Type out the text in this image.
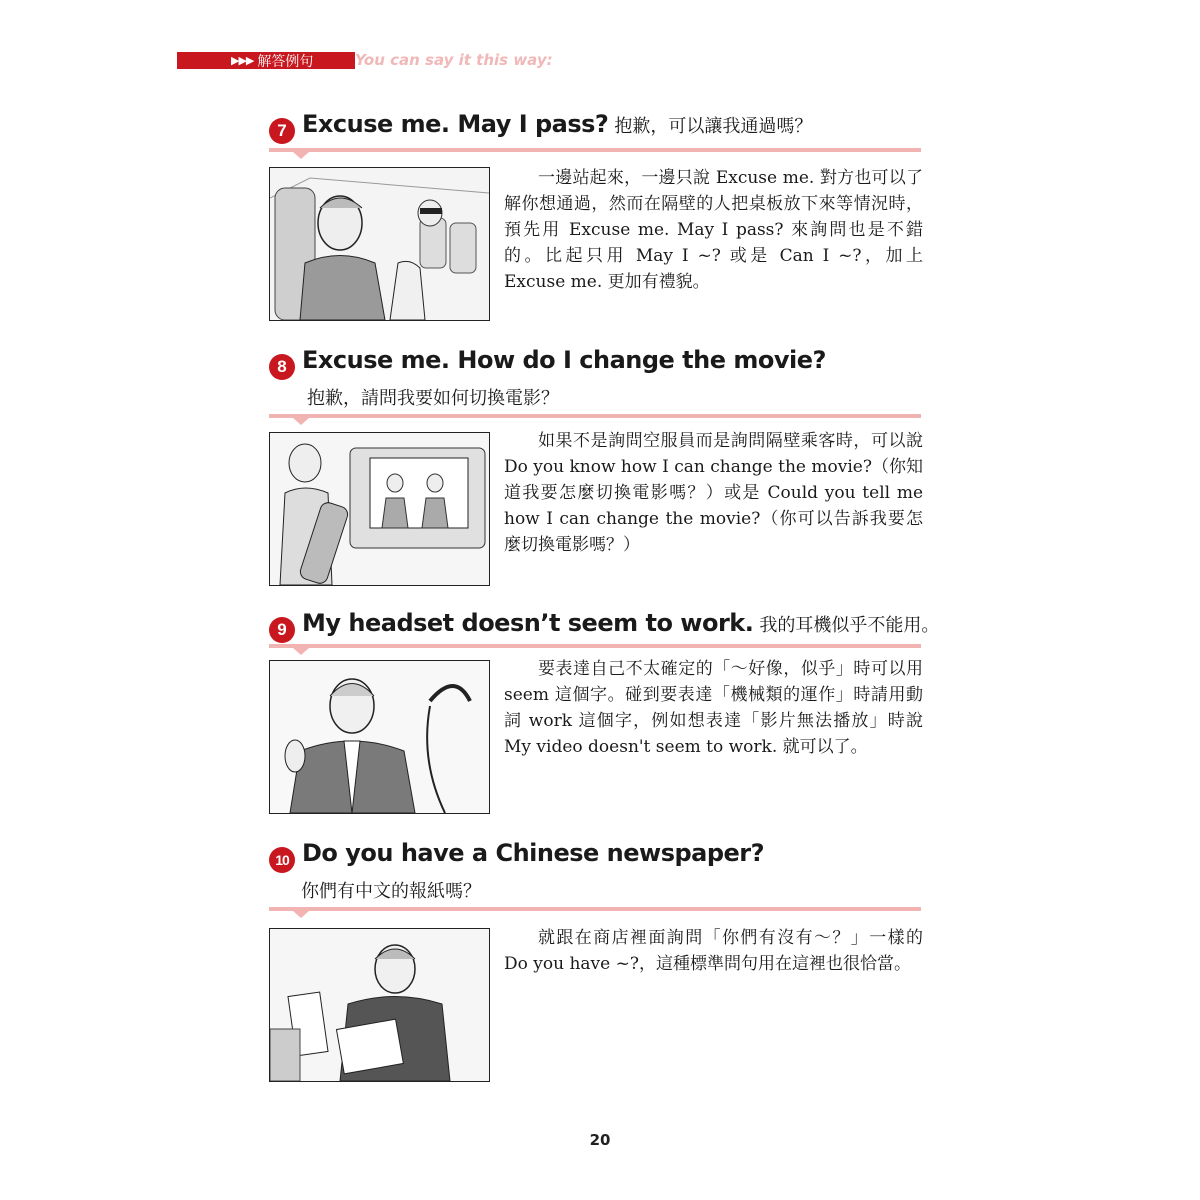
▶▶▶ 解答例句	You can say it this way:
7 Excuse me. May I pass? 抱歉，可以讓我通過嗎？
一邊站起來，一邊只說 Excuse me. 對方也可以了解你想通過，然而在隔壁的人把桌板放下來等情況時，預先用 Excuse me. May I pass? 來詢問也是不錯的。比起只用 May I ~? 或是 Can I ~?，加上 Excuse me. 更加有禮貌。
8 Excuse me. How do I change the movie?
抱歉，請問我要如何切換電影？
如果不是詢問空服員而是詢問隔壁乘客時，可以說 Do you know how I can change the movie?（你知道我要怎麼切換電影嗎？）或是 Could you tell me how I can change the movie?（你可以告訴我要怎麼切換電影嗎？）
9 My headset doesn’t seem to work. 我的耳機似乎不能用。
要表達自己不太確定的「～好像，似乎」時可以用 seem 這個字。碰到要表達「機械類的運作」時請用動詞 work 這個字，例如想表達「影片無法播放」時說 My video doesn't seem to work. 就可以了。
10 Do you have a Chinese newspaper?
你們有中文的報紙嗎？
就跟在商店裡面詢問「你們有沒有～？」一樣的 Do you have ~?，這種標準問句用在這裡也很恰當。
20
